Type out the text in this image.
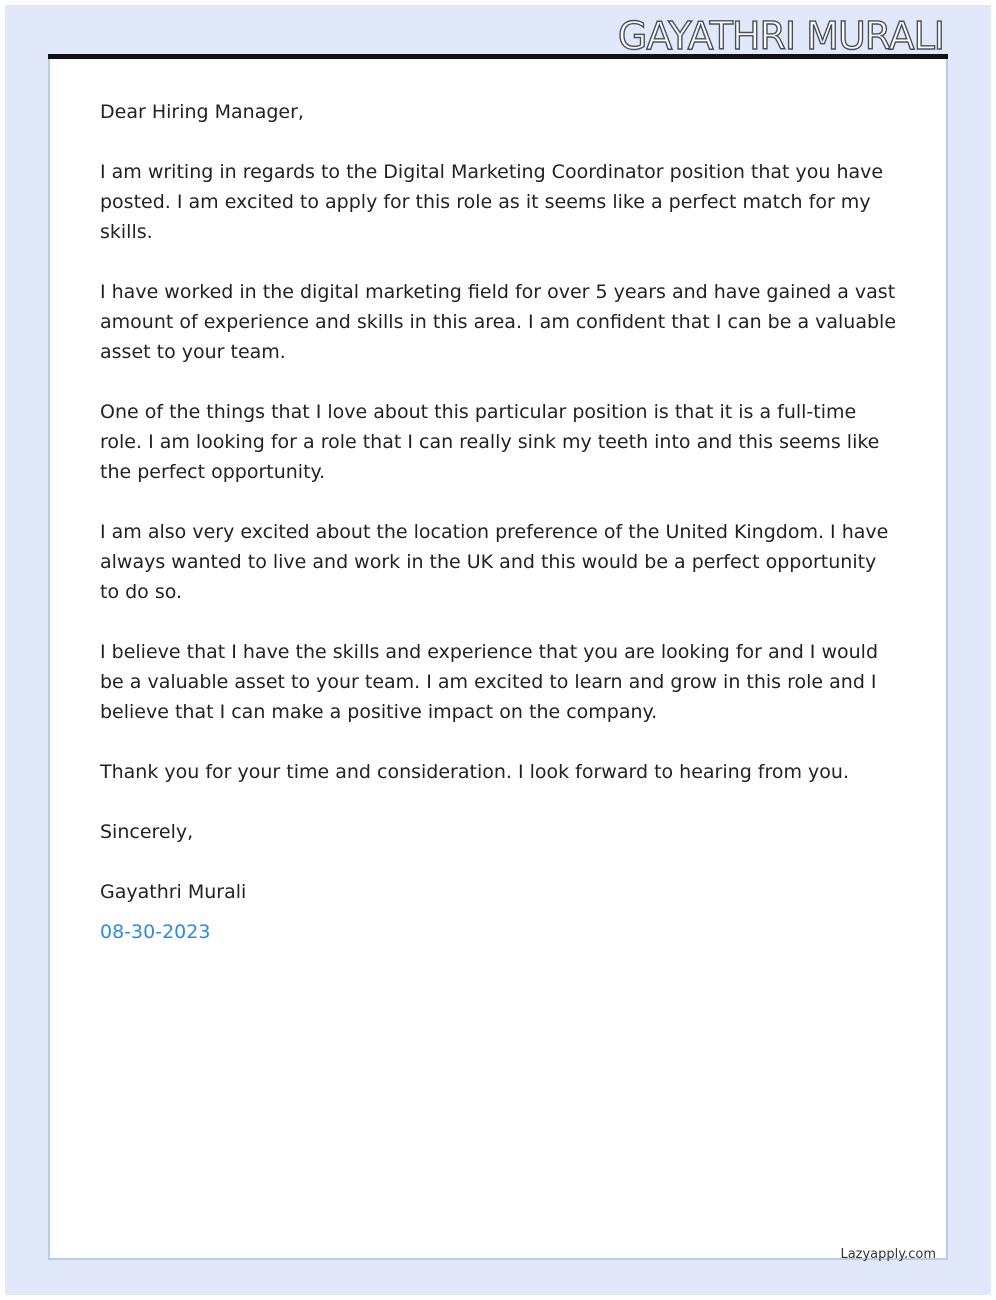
GAYATHRI MURALI

Dear Hiring Manager,

I am writing in regards to the Digital Marketing Coordinator position that you have posted. I am excited to apply for this role as it seems like a perfect match for my skills.

I have worked in the digital marketing field for over 5 years and have gained a vast amount of experience and skills in this area. I am confident that I can be a valuable asset to your team.

One of the things that I love about this particular position is that it is a full-time role. I am looking for a role that I can really sink my teeth into and this seems like the perfect opportunity.

I am also very excited about the location preference of the United Kingdom. I have always wanted to live and work in the UK and this would be a perfect opportunity to do so.

I believe that I have the skills and experience that you are looking for and I would be a valuable asset to your team. I am excited to learn and grow in this role and I believe that I can make a positive impact on the company.

Thank you for your time and consideration. I look forward to hearing from you.

Sincerely,

Gayathri Murali

08-30-2023

Lazyapply.com
